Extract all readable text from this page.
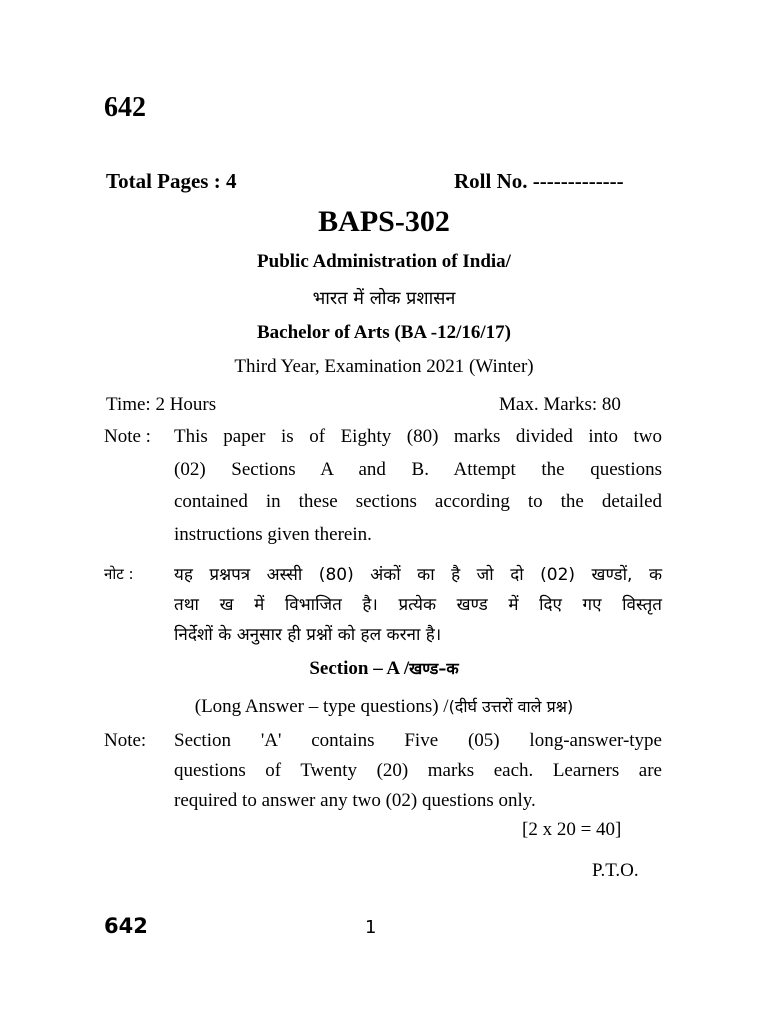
642
Total Pages : 4	Roll No. -------------
BAPS-302
Public Administration of India/
भारत में लोक प्रशासन
Bachelor of Arts (BA -12/16/17)
Third Year, Examination 2021 (Winter)
Time: 2 Hours	Max. Marks: 80
Note : This paper is of Eighty (80) marks divided into two
(02) Sections A and B. Attempt the questions
contained in these sections according to the detailed
instructions given therein.
नोट : यह प्रश्नपत्र अस्सी (80) अंकों का है जो दो (02) खण्डों, क
तथा ख में विभाजित है। प्रत्येक खण्ड में दिए गए विस्तृत
निर्देशों के अनुसार ही प्रश्नों को हल करना है।
Section – A /खण्ड–क
(Long Answer – type questions) /(दीर्घ उत्तरों वाले प्रश्न)
Note: Section 'A' contains Five (05) long-answer-type
questions of Twenty (20) marks each. Learners are
required to answer any two (02) questions only.
[2 x 20 = 40]
P.T.O.
642	1
